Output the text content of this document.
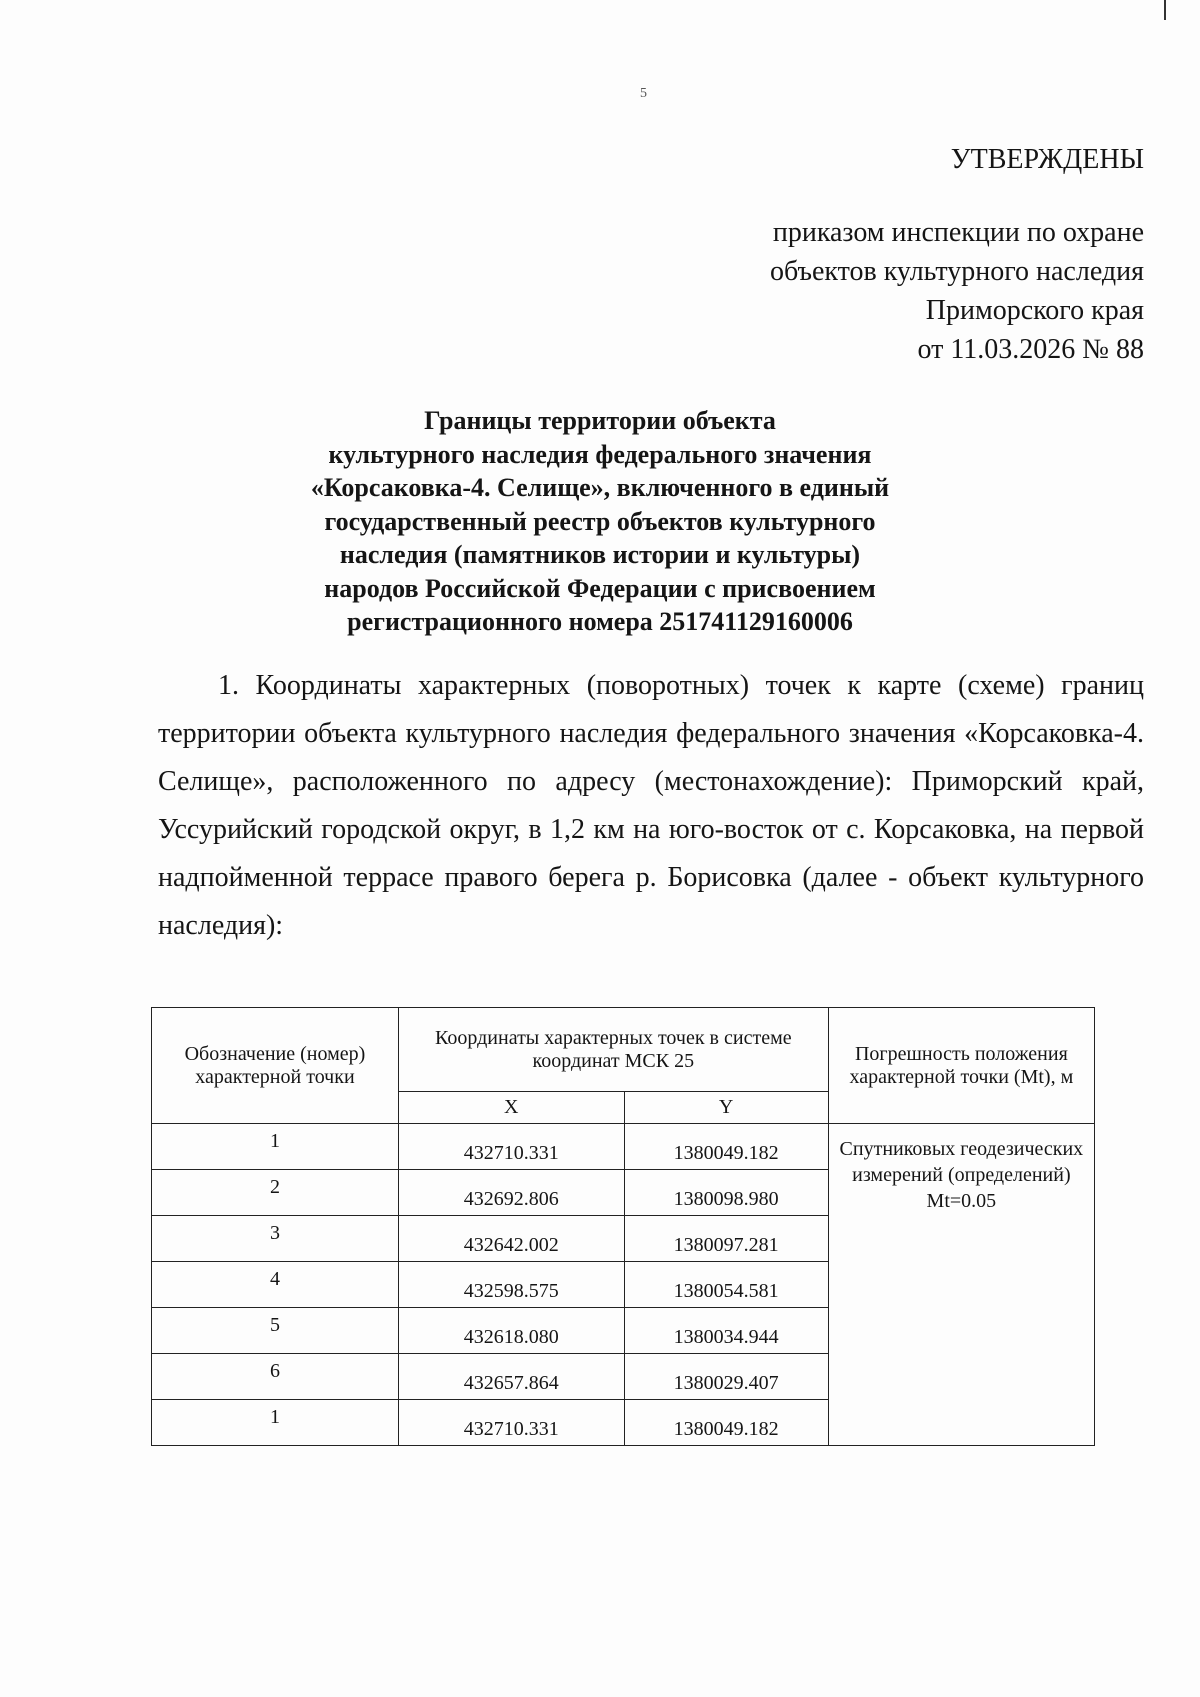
5
УТВЕРЖДЕНЫ
приказом инспекции по охране
объектов культурного наследия
Приморского края
от 11.03.2026 № 88
Границы территории объекта
культурного наследия федерального значения
«Корсаковка-4. Селище», включенного в единый
государственный реестр объектов культурного
наследия (памятников истории и культуры)
народов Российской Федерации с присвоением
регистрационного номера 251741129160006

1. Координаты характерных (поворотных) точек к карте (схеме) границ территории объекта культурного наследия федерального значения «Корсаковка-4. Селище», расположенного по адресу (местонахождение): Приморский край, Уссурийский городской округ, в 1,2 км на юго-восток от с. Корсаковка, на первой надпойменной террасе правого берега р. Борисовка (далее - объект культурного наследия):

Обозначение (номер) характерной точки	Координаты характерных точек в системе координат МСК 25		Погрешность положения характерной точки (Mt), м
	X	Y	
1	432710.331	1380049.182	Спутниковых геодезических измерений (определений) Mt=0.05
2	432692.806	1380098.980	
3	432642.002	1380097.281	
4	432598.575	1380054.581	
5	432618.080	1380034.944	
6	432657.864	1380029.407	
1	432710.331	1380049.182	
